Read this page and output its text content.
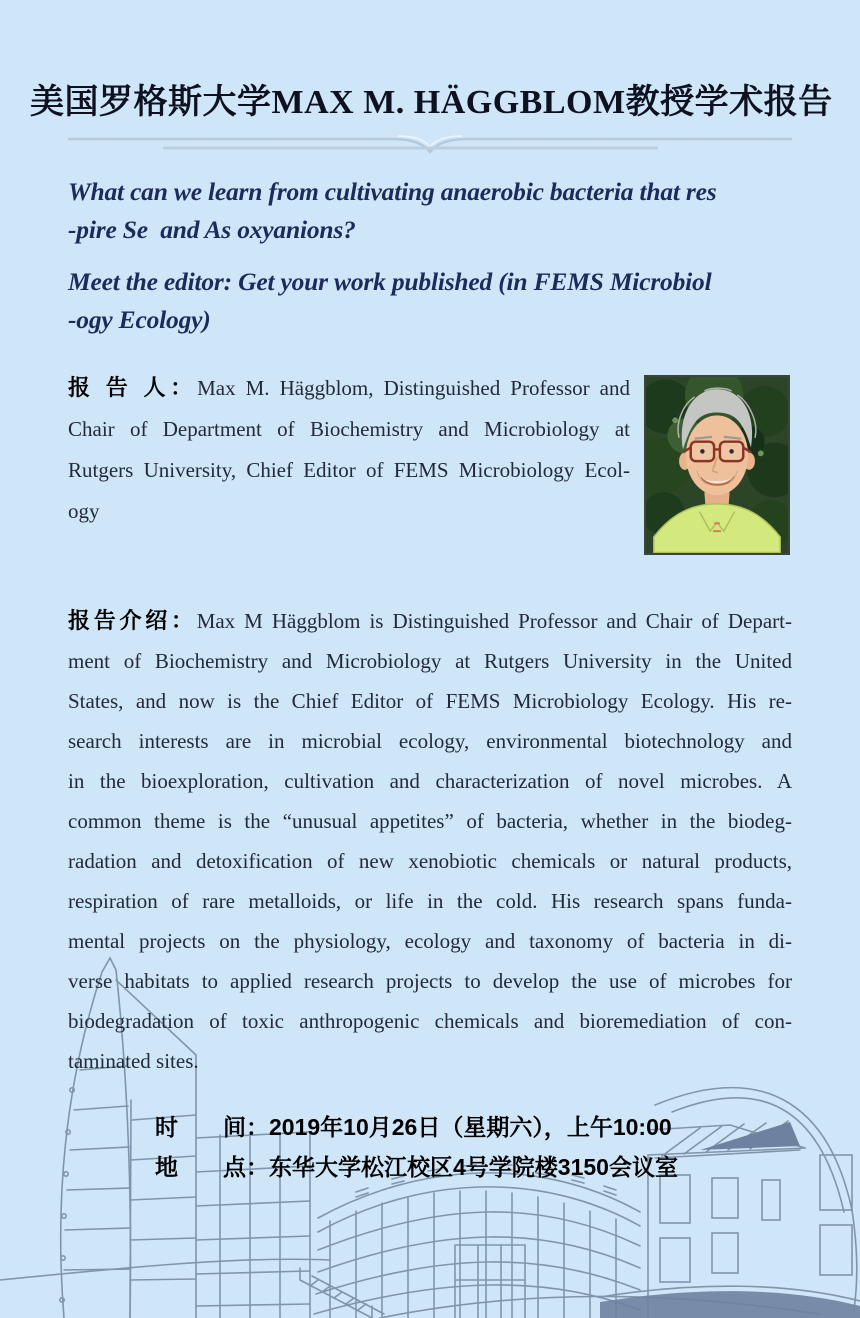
美国罗格斯大学MAX M. HÄGGBLOM教授学术报告
What can we learn from cultivating anaerobic bacteria that res
-pire Se  and As oxyanions?
Meet the editor: Get your work published (in FEMS Microbiol
-ogy Ecology)
报 告 人：Max M. Häggblom, Distinguished Professor and
Chair of Department of Biochemistry and Microbiology at
Rutgers University, Chief Editor of FEMS Microbiology Ecol-
ogy
报告介绍：Max M Häggblom is Distinguished Professor and Chair of Depart-
ment of Biochemistry and Microbiology at Rutgers University in the United
States, and now is the Chief Editor of FEMS Microbiology Ecology. His re-
search interests are in microbial ecology, environmental biotechnology and
in the bioexploration, cultivation and characterization of novel microbes. A
common theme is the “unusual appetites” of bacteria, whether in the biodeg-
radation and detoxification of new xenobiotic chemicals or natural products,
respiration of rare metalloids, or life in the cold. His research spans funda-
mental projects on the physiology, ecology and taxonomy of bacteria in di-
verse habitats to applied research projects to develop the use of microbes for
biodegradation of toxic anthropogenic chemicals and bioremediation of con-
taminated sites.
时 间：2019年10月26日（星期六），上午10:00
地 点：东华大学松江校区4号学院楼3150会议室
